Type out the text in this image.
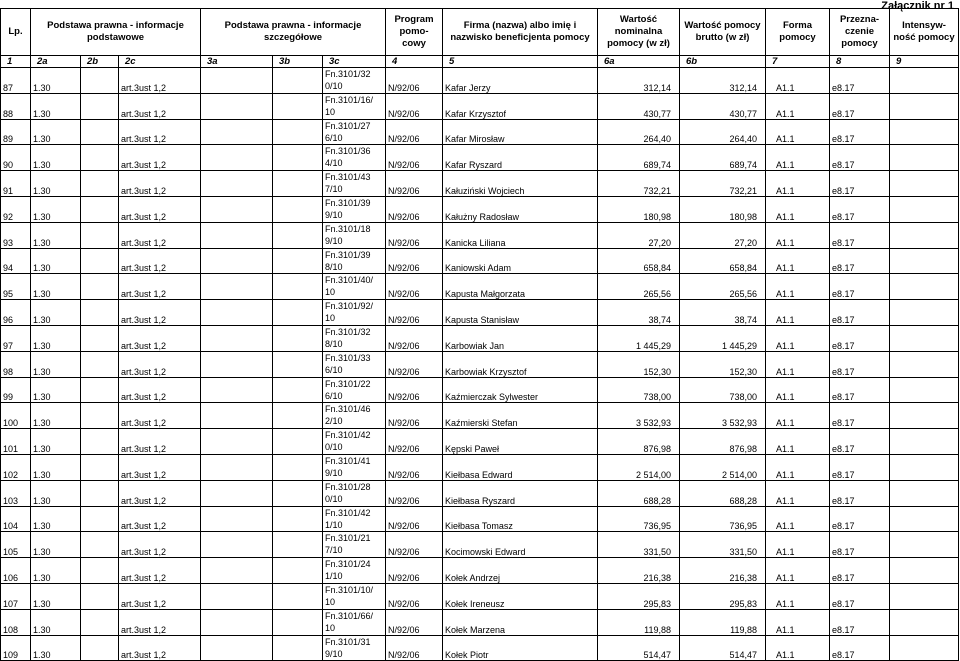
Załącznik nr 1
Lp.	Podstawa prawna - informacje podstawowe			Podstawa prawna - informacje szczegółowe			Program pomo-cowy	Firma (nazwa) albo imię i nazwisko beneficjenta pomocy	Wartość nominalna pomocy (w zł)	Wartość pomocy brutto (w zł)	Forma pomocy	Przezna-czenie pomocy	Intensyw-ność pomocy
1	2a	2b	2c	3a	3b	3c	4	5	6a	6b	7	8	9
87	1.30		art.3ust 1,2			Fn.3101/32 0/10	N/92/06	Kafar Jerzy	312,14	312,14	A1.1	e8.17	
88	1.30		art.3ust 1,2			Fn.3101/16/ 10	N/92/06	Kafar Krzysztof	430,77	430,77	A1.1	e8.17	
89	1.30		art.3ust 1,2			Fn.3101/27 6/10	N/92/06	Kafar Mirosław	264,40	264,40	A1.1	e8.17	
90	1.30		art.3ust 1,2			Fn.3101/36 4/10	N/92/06	Kafar Ryszard	689,74	689,74	A1.1	e8.17	
91	1.30		art.3ust 1,2			Fn.3101/43 7/10	N/92/06	Kałuziński Wojciech	732,21	732,21	A1.1	e8.17	
92	1.30		art.3ust 1,2			Fn.3101/39 9/10	N/92/06	Kałużny Radosław	180,98	180,98	A1.1	e8.17	
93	1.30		art.3ust 1,2			Fn.3101/18 9/10	N/92/06	Kanicka Liliana	27,20	27,20	A1.1	e8.17	
94	1.30		art.3ust 1,2			Fn.3101/39 8/10	N/92/06	Kaniowski Adam	658,84	658,84	A1.1	e8.17	
95	1.30		art.3ust 1,2			Fn.3101/40/ 10	N/92/06	Kapusta Małgorzata	265,56	265,56	A1.1	e8.17	
96	1.30		art.3ust 1,2			Fn.3101/92/ 10	N/92/06	Kapusta Stanisław	38,74	38,74	A1.1	e8.17	
97	1.30		art.3ust 1,2			Fn.3101/32 8/10	N/92/06	Karbowiak Jan	1 445,29	1 445,29	A1.1	e8.17	
98	1.30		art.3ust 1,2			Fn.3101/33 6/10	N/92/06	Karbowiak Krzysztof	152,30	152,30	A1.1	e8.17	
99	1.30		art.3ust 1,2			Fn.3101/22 6/10	N/92/06	Kaźmierczak Sylwester	738,00	738,00	A1.1	e8.17	
100	1.30		art.3ust 1,2			Fn.3101/46 2/10	N/92/06	Kaźmierski Stefan	3 532,93	3 532,93	A1.1	e8.17	
101	1.30		art.3ust 1,2			Fn.3101/42 0/10	N/92/06	Kępski Paweł	876,98	876,98	A1.1	e8.17	
102	1.30		art.3ust 1,2			Fn.3101/41 9/10	N/92/06	Kiełbasa Edward	2 514,00	2 514,00	A1.1	e8.17	
103	1.30		art.3ust 1,2			Fn.3101/28 0/10	N/92/06	Kiełbasa Ryszard	688,28	688,28	A1.1	e8.17	
104	1.30		art.3ust 1,2			Fn.3101/42 1/10	N/92/06	Kiełbasa Tomasz	736,95	736,95	A1.1	e8.17	
105	1.30		art.3ust 1,2			Fn.3101/21 7/10	N/92/06	Kocimowski Edward	331,50	331,50	A1.1	e8.17	
106	1.30		art.3ust 1,2			Fn.3101/24 1/10	N/92/06	Kołek Andrzej	216,38	216,38	A1.1	e8.17	
107	1.30		art.3ust 1,2			Fn.3101/10/ 10	N/92/06	Kołek Ireneusz	295,83	295,83	A1.1	e8.17	
108	1.30		art.3ust 1,2			Fn.3101/66/ 10	N/92/06	Kołek Marzena	119,88	119,88	A1.1	e8.17	
109	1.30		art.3ust 1,2			Fn.3101/31 9/10	N/92/06	Kołek Piotr	514,47	514,47	A1.1	e8.17	
